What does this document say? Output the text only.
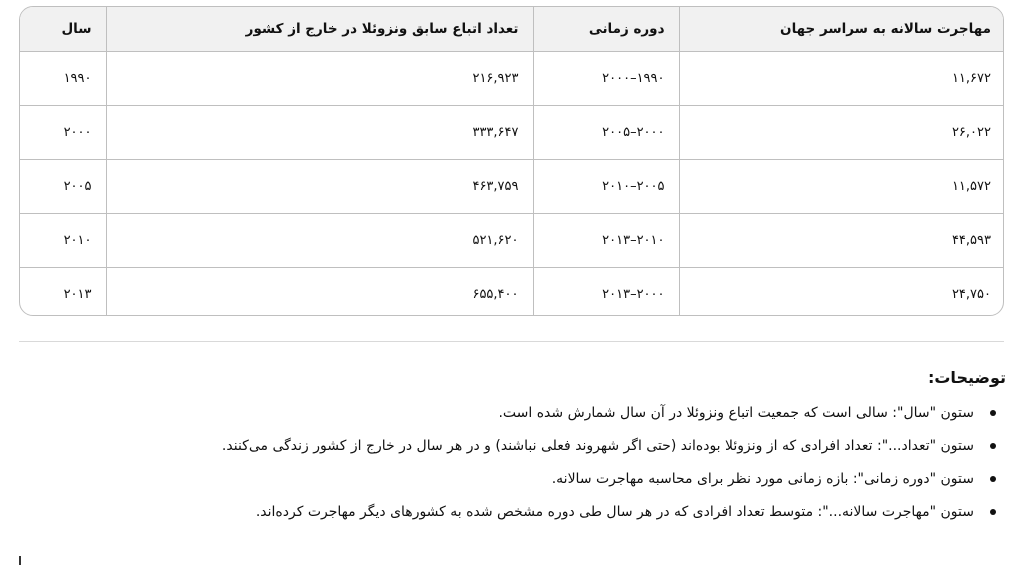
مهاجرت سالانه به سراسر جهان	دوره زمانی	تعداد اتباع سابق ونزوئلا در خارج از کشور	سال
۱۱,۶۷۲	۱۹۹۰–۲۰۰۰	۲۱۶,۹۲۳	۱۹۹۰
۲۶,۰۲۲	۲۰۰۰–۲۰۰۵	۳۳۳,۶۴۷	۲۰۰۰
۱۱,۵۷۲	۲۰۰۵–۲۰۱۰	۴۶۳,۷۵۹	۲۰۰۵
۴۴,۵۹۳	۲۰۱۰–۲۰۱۳	۵۲۱,۶۲۰	۲۰۱۰
۲۴,۷۵۰	۲۰۰۰–۲۰۱۳	۶۵۵,۴۰۰	۲۰۱۳
توضیحات:
ستون "سال": سالی است که جمعیت اتباع ونزوئلا در آن سال شمارش شده است.
ستون "تعداد...": تعداد افرادی که از ونزوئلا بوده‌اند (حتی اگر شهروند فعلی نباشند) و در هر سال در خارج از کشور زندگی می‌کنند.
ستون "دوره زمانی": بازه زمانی مورد نظر برای محاسبه مهاجرت سالانه.
ستون "مهاجرت سالانه...": متوسط تعداد افرادی که در هر سال طی دوره مشخص شده به کشورهای دیگر مهاجرت کرده‌اند.
